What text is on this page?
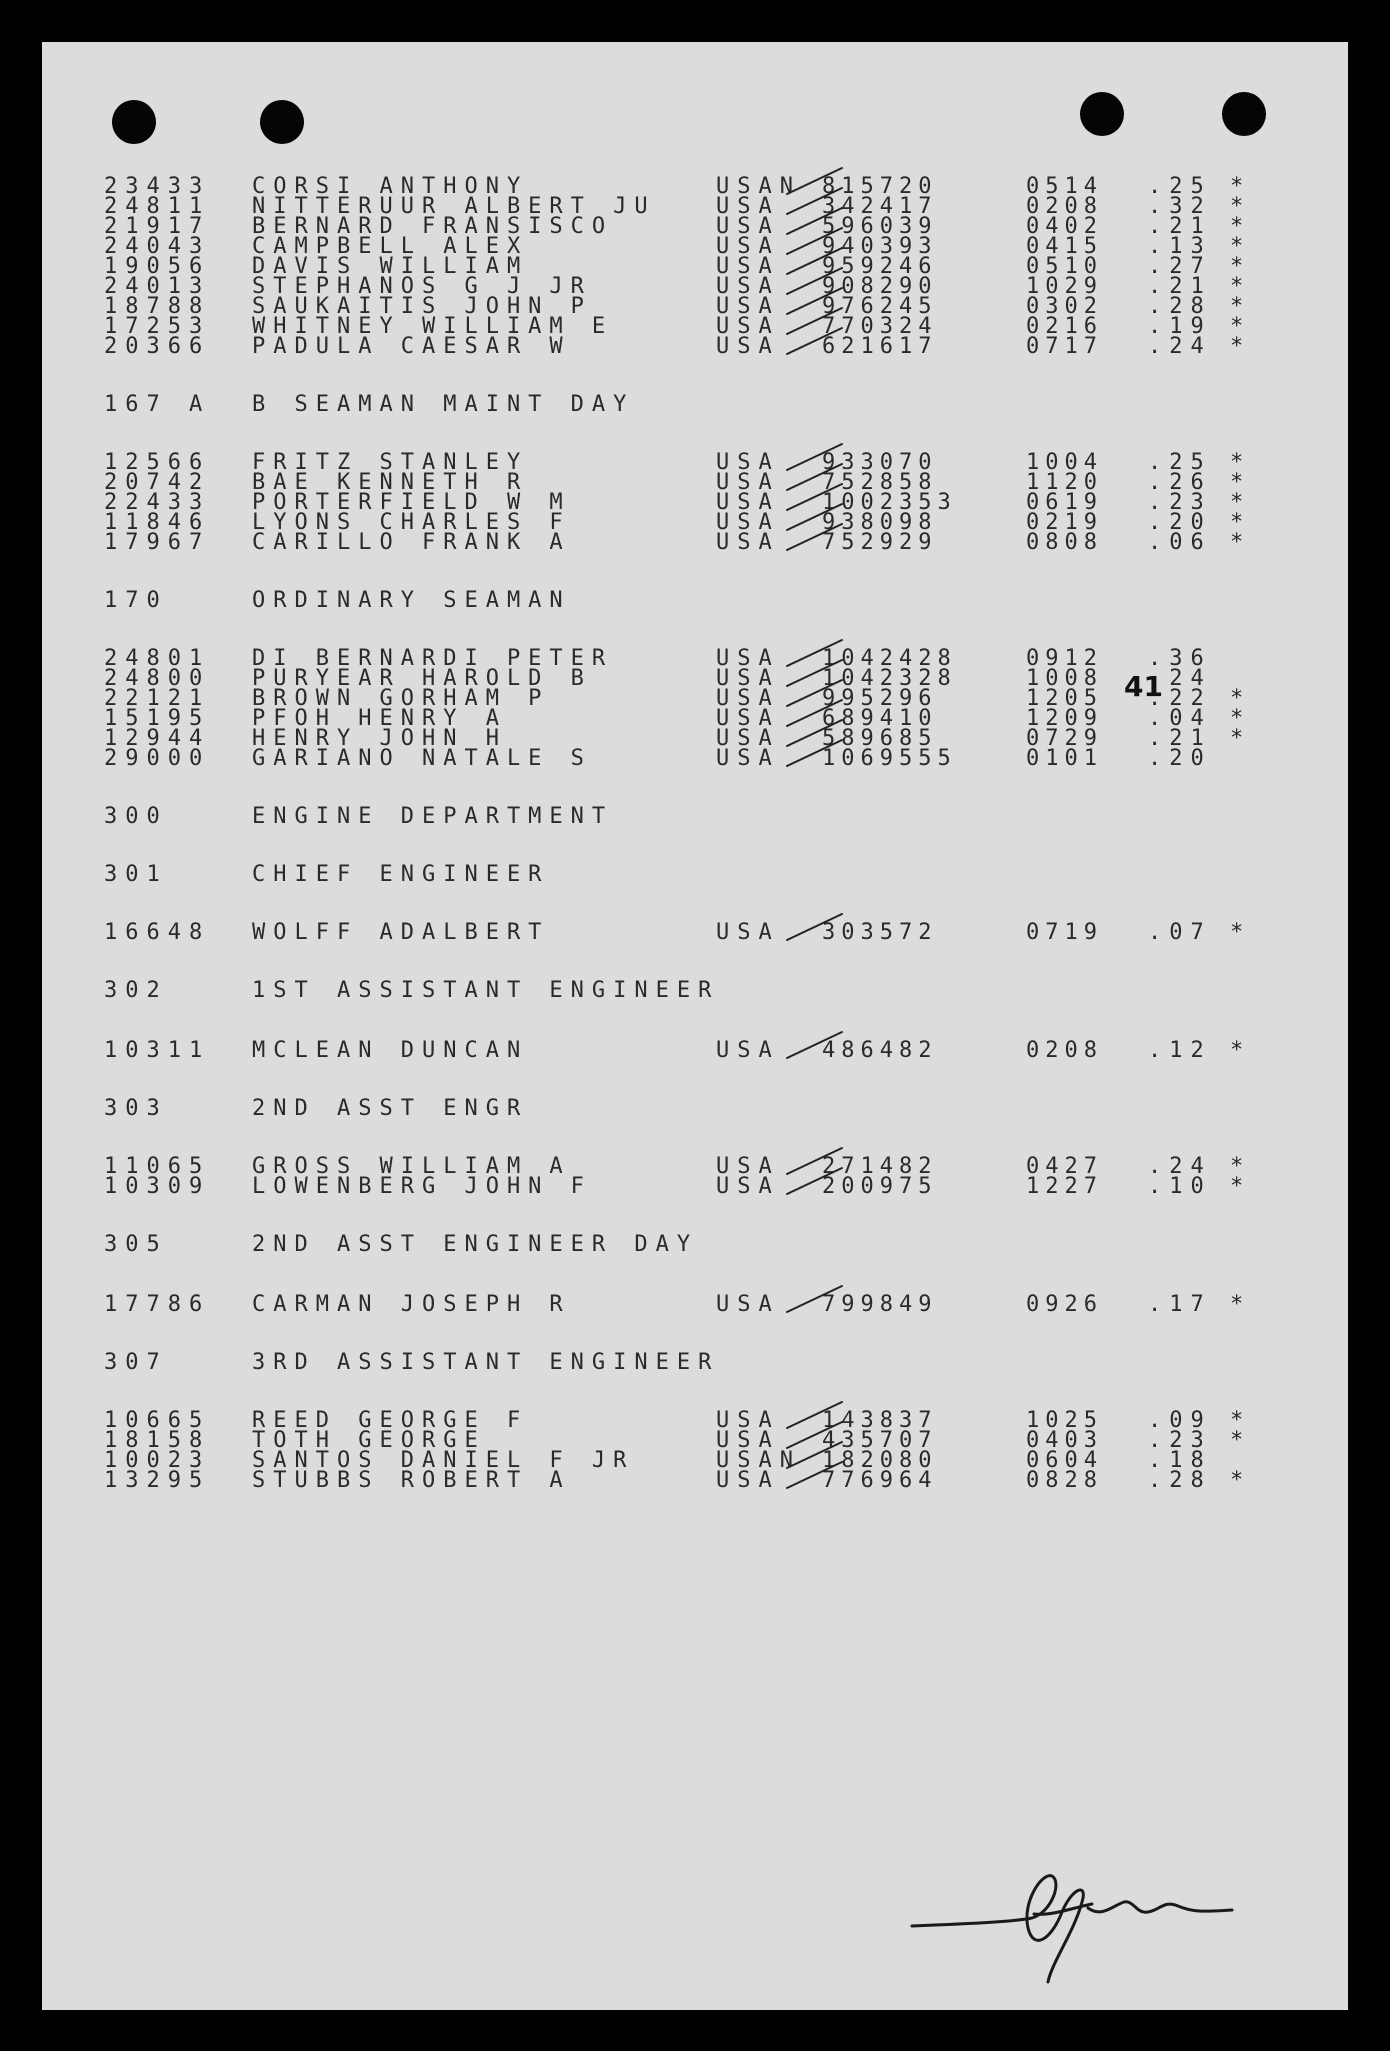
23433 CORSI ANTHONY	USAN 815720	0514 .25 *
24811 NITTERUUR ALBERT JU	USA 342417	0208 .32 *
21917 BERNARD FRANSISCO	USA 596039	0402 .21 *
24043 CAMPBELL ALEX	USA 940393	0415 .13 *
19056 DAVIS WILLIAM	USA 959246	0510 .27 *
24013 STEPHANOS G J JR	USA 908290	1029 .21 *
18788 SAUKAITIS JOHN P	USA 976245	0302 .28 *
17253 WHITNEY WILLIAM E	USA 770324	0216 .19 *
20366 PADULA CAESAR W	USA 621617	0717 .24 *
167 A B SEAMAN MAINT DAY
12566 FRITZ STANLEY	USA 933070	1004 .25 *
20742 BAE KENNETH R	USA 752858	1120 .26 *
22433 PORTERFIELD W M	USA 1002353	0619 .23 *
11846 LYONS CHARLES F	USA 938098	0219 .20 *
17967 CARILLO FRANK A	USA 752929	0808 .06 *
170	ORDINARY SEAMAN
24801 DI BERNARDI PETER	USA 1042428	0912 .36
24800 PURYEAR HAROLD B	USA 1042328	1008 .24
22121 BROWN GORHAM P	USA 995296	1205 .22 *
15195 PFOH HENRY A	USA 689410	1209 .04 *
12944 HENRY JOHN H	USA 589685	0729 .21 *
29000 GARIANO NATALE S	USA 1069555	0101 .20
300	ENGINE DEPARTMENT
301	CHIEF ENGINEER
16648 WOLFF ADALBERT	USA 303572	0719 .07 *
302	1ST ASSISTANT ENGINEER
10311 MCLEAN DUNCAN	USA 486482	0208 .12 *
303	2ND ASST ENGR
11065 GROSS WILLIAM A	USA 271482	0427 .24 *
10309 LOWENBERG JOHN F	USA 200975	1227 .10 *
305	2ND ASST ENGINEER DAY
17786 CARMAN JOSEPH R	USA 799849	0926 .17 *
307	3RD ASSISTANT ENGINEER
10665 REED GEORGE F	USA 143837	1025 .09 *
18158 TOTH GEORGE	USA 435707	0403 .23 *
10023 SANTOS DANIEL F JR	USAN 182080	0604 .18
13295 STUBBS ROBERT A	USA 776964	0828 .28 *
41
